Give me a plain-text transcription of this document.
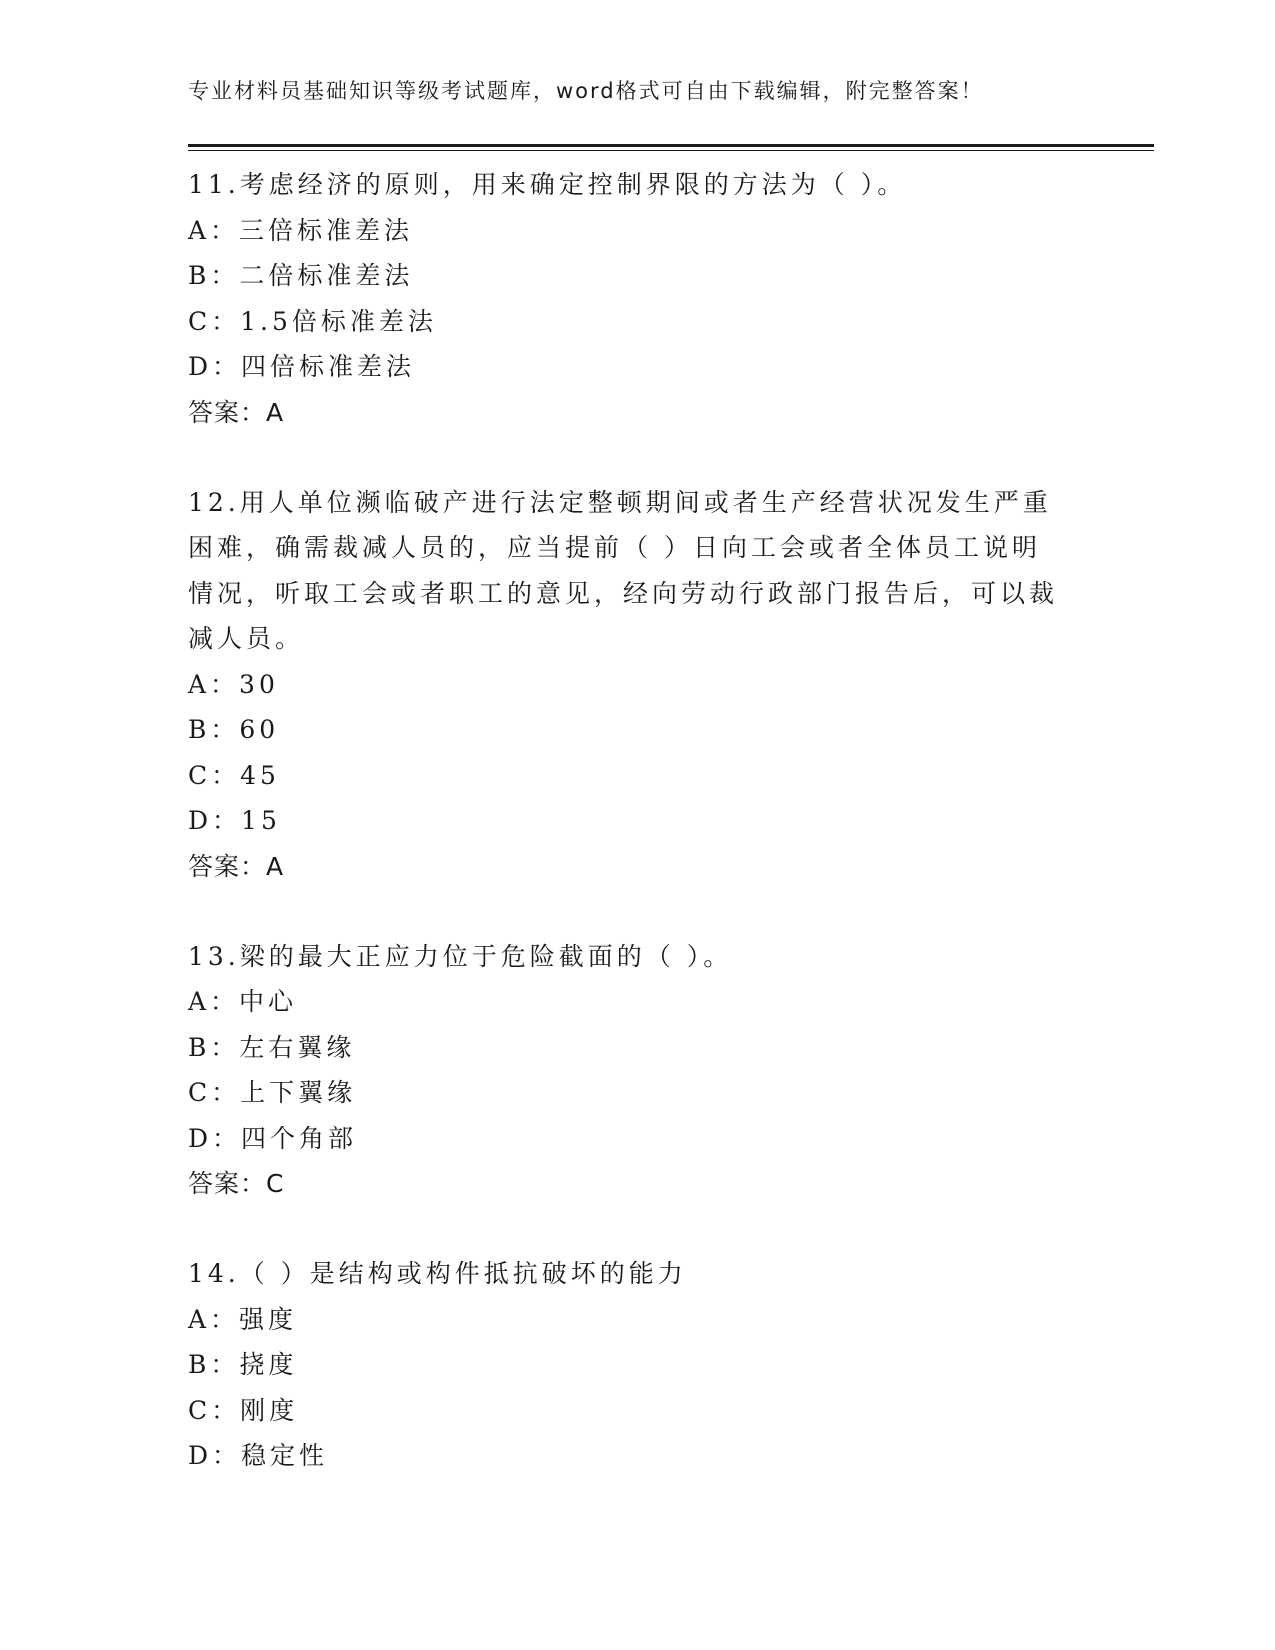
专业材料员基础知识等级考试题库，word格式可自由下载编辑，附完整答案！
11.考虑经济的原则，用来确定控制界限的方法为（ ）。
A：三倍标准差法
B：二倍标准差法
C：1.5倍标准差法
D：四倍标准差法
答案：A
12.用人单位濒临破产进行法定整顿期间或者生产经营状况发生严重困难，确需裁减人员的，应当提前（ ）日向工会或者全体员工说明情况，听取工会或者职工的意见，经向劳动行政部门报告后，可以裁减人员。
A：30
B：60
C：45
D：15
答案：A
13.梁的最大正应力位于危险截面的（ ）。
A：中心
B：左右翼缘
C：上下翼缘
D：四个角部
答案：C
14.（ ）是结构或构件抵抗破坏的能力
A：强度
B：挠度
C：刚度
D：稳定性
